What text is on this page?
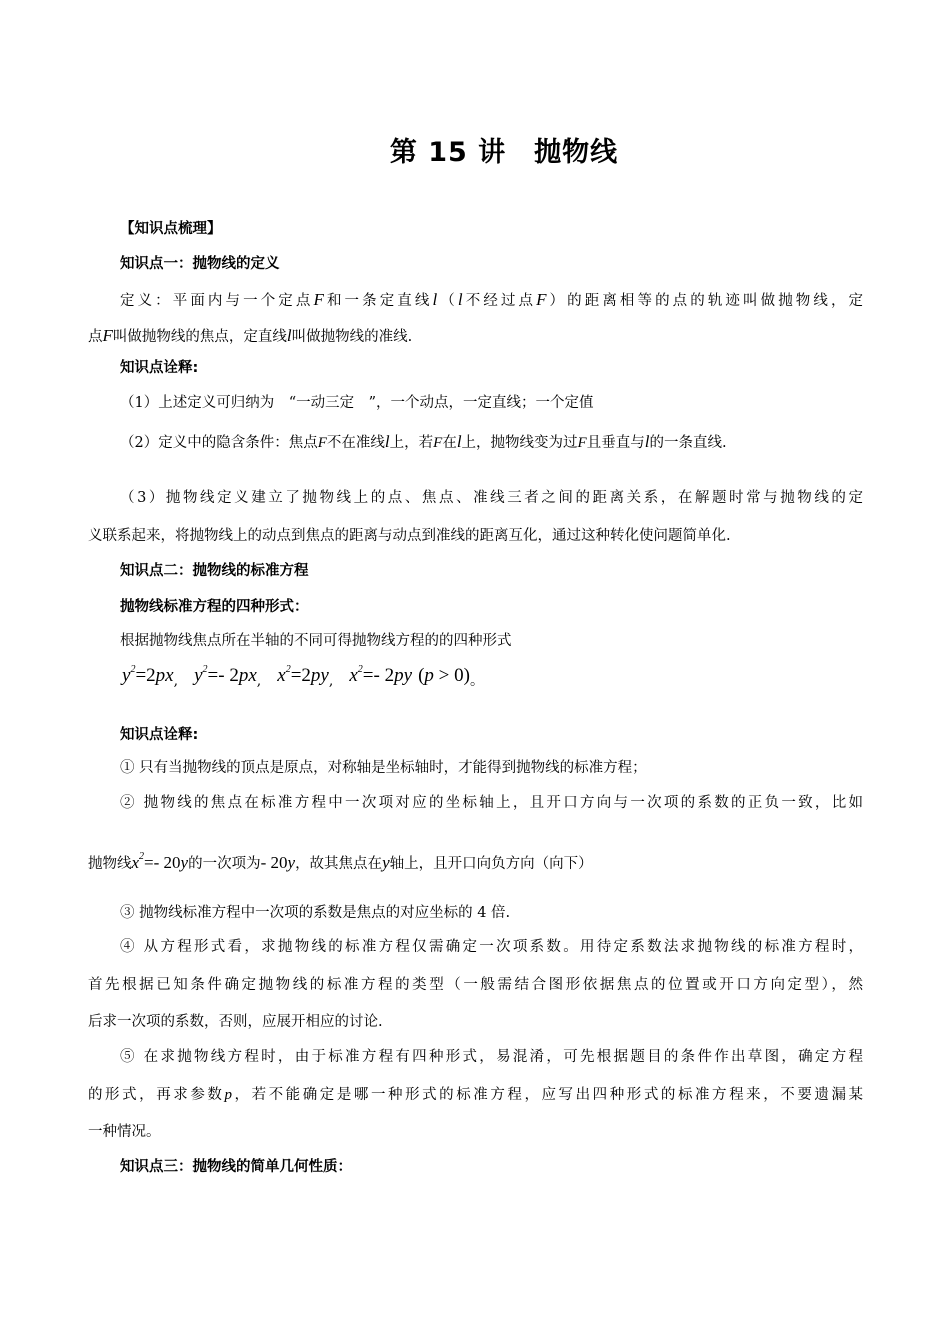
第 15 讲　抛物线
【知识点梳理】
知识点一：抛物线的定义
定义：平面内与一个定点F和一条定直线l（l不经过点F）的距离相等的点的轨迹叫做抛物线，定
点F叫做抛物线的焦点，定直线l叫做抛物线的准线.
知识点诠释:
（1）上述定义可归纳为　“一动三定　”，一个动点，一定直线；一个定值
（2）定义中的隐含条件：焦点F不在准线l上，若F在l上，抛物线变为过F且垂直与l的一条直线.
（3）抛物线定义建立了抛物线上的点、焦点、准线三者之间的距离关系，在解题时常与抛物线的定
义联系起来，将抛物线上的动点到焦点的距离与动点到准线的距离互化，通过这种转化使问题简单化.
知识点二：抛物线的标准方程
抛物线标准方程的四种形式：
根据抛物线焦点所在半轴的不同可得抛物线方程的的四种形式
$y^2=2px_,$ $y^2=-$ $2px_,$ $x^2=2py_,$ $x^2=-$ 2py $(p > 0)_。$
知识点诠释:
① 只有当抛物线的顶点是原点，对称轴是坐标轴时，才能得到抛物线的标准方程；
② 抛物线的焦点在标准方程中一次项对应的坐标轴上，且开口方向与一次项的系数的正负一致，比如
抛物线$x^2=-$ 20y的一次项为- 20y，故其焦点在y轴上，且开口向负方向（向下）
③ 抛物线标准方程中一次项的系数是焦点的对应坐标的 4 倍.
④ 从方程形式看，求抛物线的标准方程仅需确定一次项系数。用待定系数法求抛物线的标准方程时，
首先根据已知条件确定抛物线的标准方程的类型（一般需结合图形依据焦点的位置或开口方向定型），然
后求一次项的系数，否则，应展开相应的讨论.
⑤ 在求抛物线方程时，由于标准方程有四种形式，易混淆，可先根据题目的条件作出草图，确定方程
的形式，再求参数p，若不能确定是哪一种形式的标准方程，应写出四种形式的标准方程来，不要遗漏某
一种情况。
知识点三：抛物线的简单几何性质：
